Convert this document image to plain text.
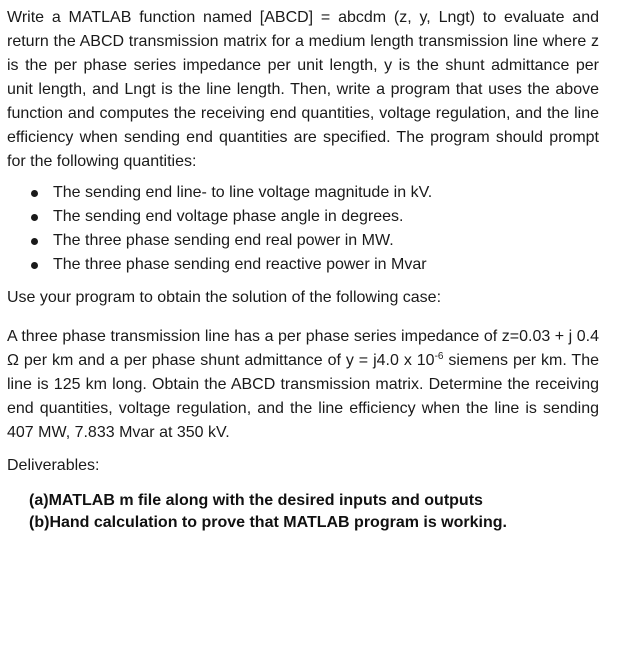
Write a MATLAB function named [ABCD] = abcdm (z, y, Lngt) to evaluate and return the ABCD transmission matrix for a medium length transmission line where z is the per phase series impedance per unit length, y is the shunt admittance per unit length, and Lngt is the line length. Then, write a program that uses the above function and computes the receiving end quantities, voltage regulation, and the line efficiency when sending end quantities are specified. The program should prompt for the following quantities:

The sending end line- to line voltage magnitude in kV.
The sending end voltage phase angle in degrees.
The three phase sending end real power in MW.
The three phase sending end reactive power in Mvar

Use your program to obtain the solution of the following case:

A three phase transmission line has a per phase series impedance of z=0.03 + j 0.4 Ω per km and a per phase shunt admittance of y = j4.0 x $10^{-6}$ siemens per km. The line is 125 km long. Obtain the ABCD transmission matrix. Determine the receiving end quantities, voltage regulation, and the line efficiency when the line is sending 407 MW, 7.833 Mvar at 350 kV.

Deliverables:

(a)MATLAB m file along with the desired inputs and outputs
(b)Hand calculation to prove that MATLAB program is working.
